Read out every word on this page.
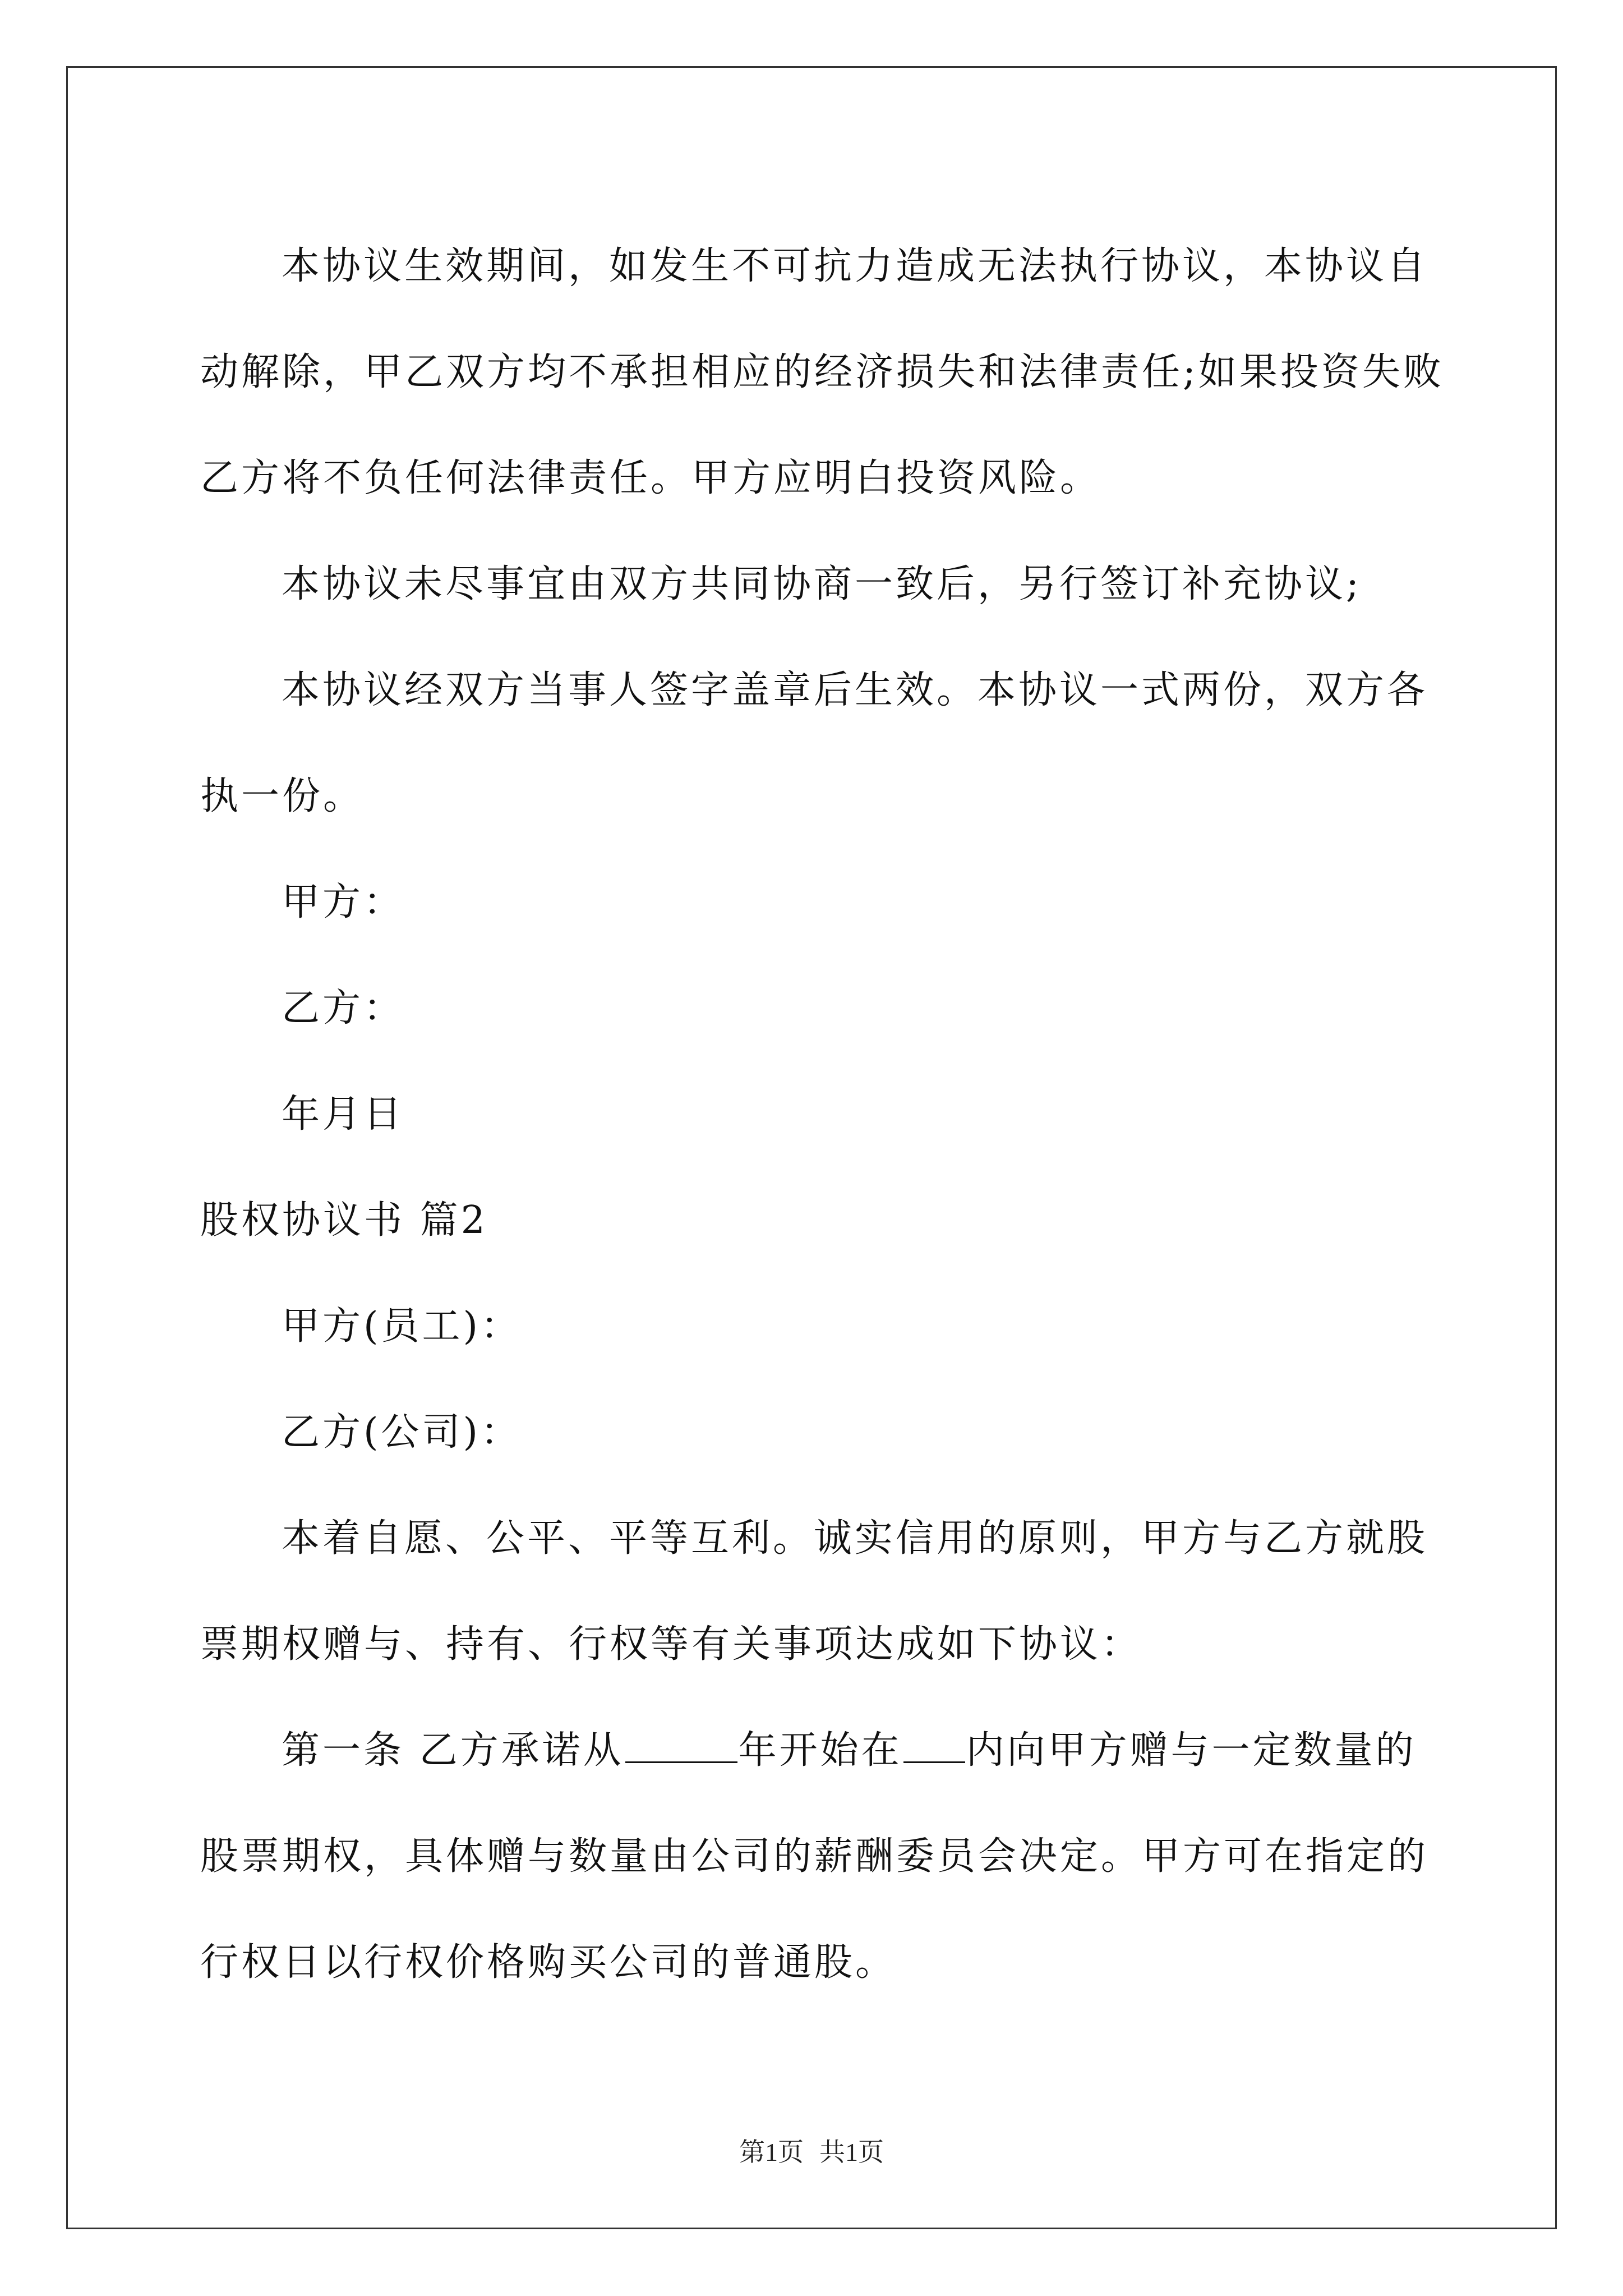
本协议生效期间，如发生不可抗力造成无法执行协议，本协议自

动解除，甲乙双方均不承担相应的经济损失和法律责任;如果投资失败

乙方将不负任何法律责任。甲方应明白投资风险。

本协议未尽事宜由双方共同协商一致后，另行签订补充协议;

本协议经双方当事人签字盖章后生效。本协议一式两份，双方各

执一份。

甲方：

乙方：

年月日

股权协议书 篇2

甲方(员工)：

乙方(公司)：

本着自愿、公平、平等互利。诚实信用的原则，甲方与乙方就股

票期权赠与、持有、行权等有关事项达成如下协议：

第一条 乙方承诺从	年开始在 内向甲方赠与一定数量的

股票期权，具体赠与数量由公司的薪酬委员会决定。甲方可在指定的

行权日以行权价格购买公司的普通股。

第1页 共1页
